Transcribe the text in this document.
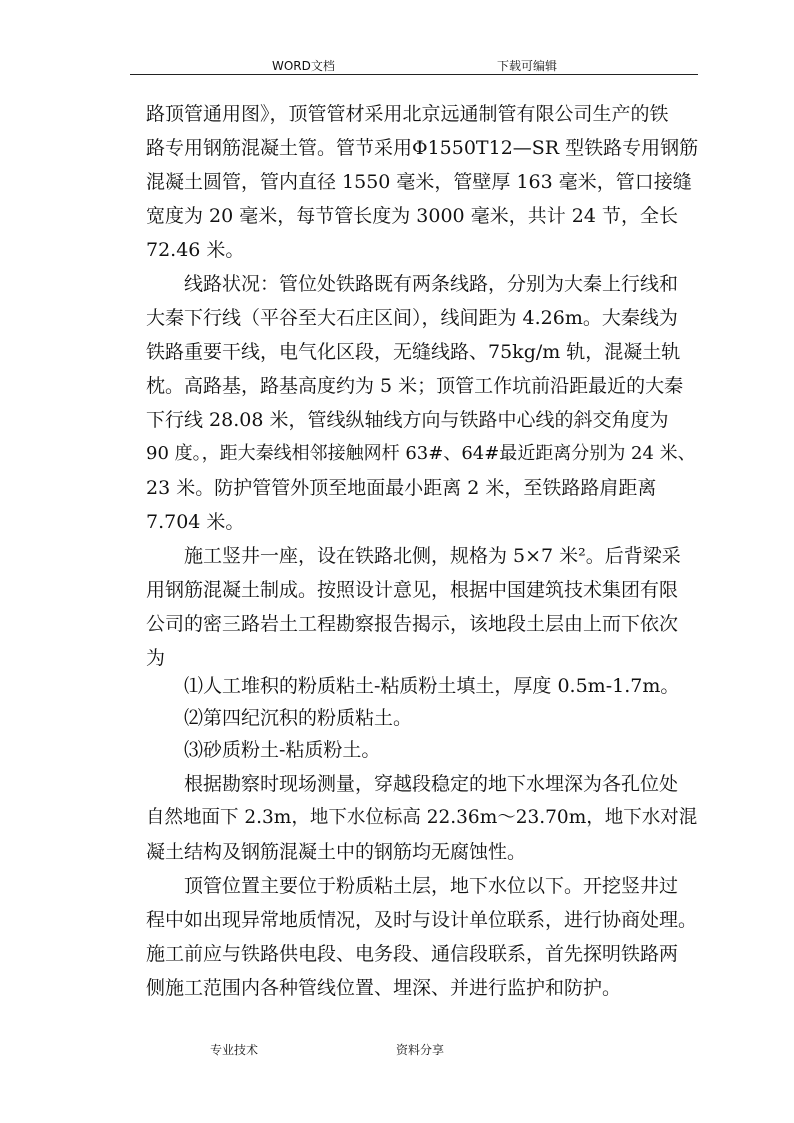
WORD文档	下载可编辑
路顶管通用图》，顶管管材采用北京远通制管有限公司生产的铁
路专用钢筋混凝土管。管节采用Φ1550T12—SR 型铁路专用钢筋
混凝土圆管，管内直径 1550 毫米，管壁厚 163 毫米，管口接缝
宽度为 20 毫米，每节管长度为 3000 毫米，共计 24 节，全长
72.46 米。
线路状况：管位处铁路既有两条线路，分别为大秦上行线和
大秦下行线（平谷至大石庄区间），线间距为 4.26m。大秦线为
铁路重要干线，电气化区段，无缝线路、75kg/m 轨，混凝土轨
枕。高路基，路基高度约为 5 米；顶管工作坑前沿距最近的大秦
下行线 28.08 米，管线纵轴线方向与铁路中心线的斜交角度为
90 度。，距大秦线相邻接触网杆 63#、64#最近距离分别为 24 米、
23 米。防护管管外顶至地面最小距离 2 米，至铁路路肩距离
7.704 米。
施工竖井一座，设在铁路北侧，规格为 5×7 米²。后背梁采
用钢筋混凝土制成。按照设计意见，根据中国建筑技术集团有限
公司的密三路岩土工程勘察报告揭示，该地段土层由上而下依次
为
⑴人工堆积的粉质粘土-粘质粉土填土，厚度 0.5m-1.7m。
⑵第四纪沉积的粉质粘土。
⑶砂质粉土-粘质粉土。
根据勘察时现场测量，穿越段稳定的地下水埋深为各孔位处
自然地面下 2.3m，地下水位标高 22.36m～23.70m，地下水对混
凝土结构及钢筋混凝土中的钢筋均无腐蚀性。
顶管位置主要位于粉质粘土层，地下水位以下。开挖竖井过
程中如出现异常地质情况，及时与设计单位联系，进行协商处理。
施工前应与铁路供电段、电务段、通信段联系，首先探明铁路两
侧施工范围内各种管线位置、埋深、并进行监护和防护。
专业技术	资料分享
